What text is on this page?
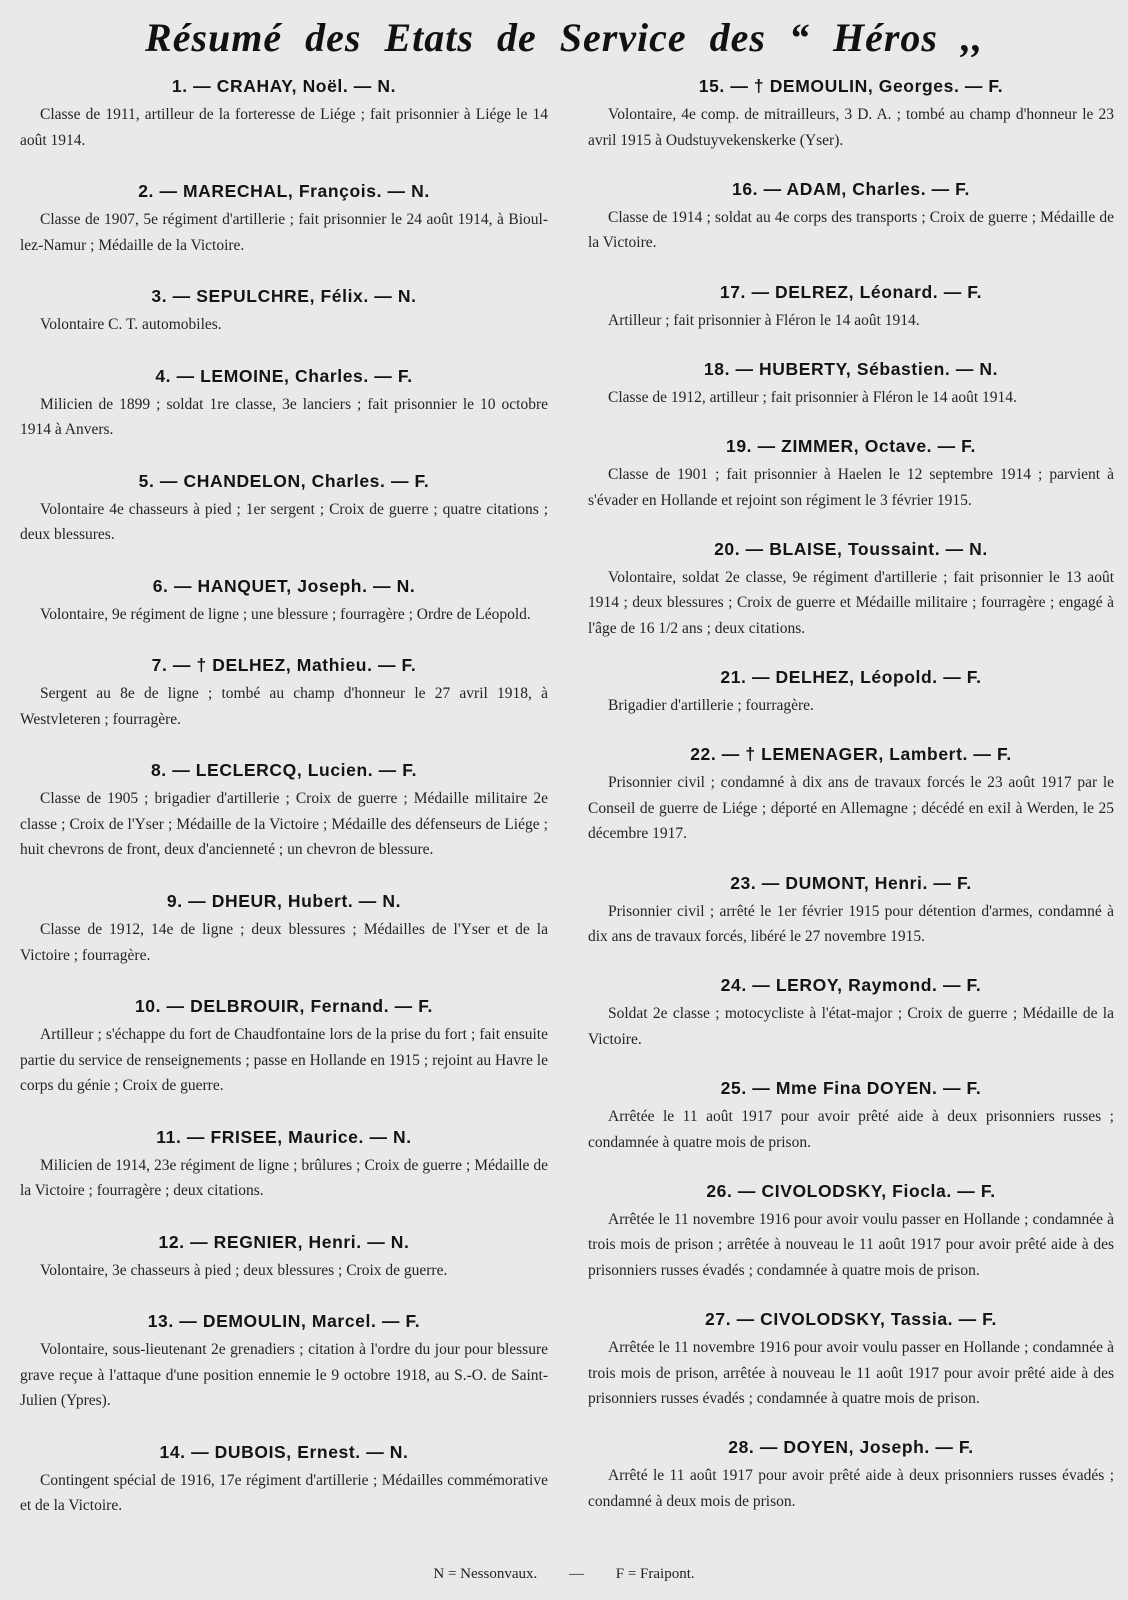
Résumé des Etats de Service des “ Héros ,,
1. — CRAHAY, Noël. — N.

Classe de 1911, artilleur de la forteresse de Liége ; fait prisonnier à Liége le 14 août 1914.

2. — MARECHAL, François. — N.

Classe de 1907, 5e régiment d'artillerie ; fait prisonnier le 24 août 1914, à Bioul-lez-Namur ; Médaille de la Victoire.

3. — SEPULCHRE, Félix. — N.

Volontaire C. T. automobiles.

4. — LEMOINE, Charles. — F.

Milicien de 1899 ; soldat 1re classe, 3e lanciers ; fait prisonnier le 10 octobre 1914 à Anvers.

5. — CHANDELON, Charles. — F.

Volontaire 4e chasseurs à pied ; 1er sergent ; Croix de guerre ; quatre citations ; deux blessures.

6. — HANQUET, Joseph. — N.

Volontaire, 9e régiment de ligne ; une blessure ; fourragère ; Ordre de Léopold.

7. — † DELHEZ, Mathieu. — F.

Sergent au 8e de ligne ; tombé au champ d'honneur le 27 avril 1918, à Westvleteren ; fourragère.

8. — LECLERCQ, Lucien. — F.

Classe de 1905 ; brigadier d'artillerie ; Croix de guerre ; Médaille militaire 2e classe ; Croix de l'Yser ; Médaille de la Victoire ; Médaille des défenseurs de Liége ; huit chevrons de front, deux d'ancienneté ; un chevron de blessure.

9. — DHEUR, Hubert. — N.

Classe de 1912, 14e de ligne ; deux blessures ; Médailles de l'Yser et de la Victoire ; fourragère.

10. — DELBROUIR, Fernand. — F.

Artilleur ; s'échappe du fort de Chaudfontaine lors de la prise du fort ; fait ensuite partie du service de renseignements ; passe en Hollande en 1915 ; rejoint au Havre le corps du génie ; Croix de guerre.

11. — FRISEE, Maurice. — N.

Milicien de 1914, 23e régiment de ligne ; brûlures ; Croix de guerre ; Médaille de la Victoire ; fourragère ; deux citations.

12. — REGNIER, Henri. — N.

Volontaire, 3e chasseurs à pied ; deux blessures ; Croix de guerre.

13. — DEMOULIN, Marcel. — F.

Volontaire, sous-lieutenant 2e grenadiers ; citation à l'ordre du jour pour blessure grave reçue à l'attaque d'une position ennemie le 9 octobre 1918, au S.-O. de Saint-Julien (Ypres).

14. — DUBOIS, Ernest. — N.

Contingent spécial de 1916, 17e régiment d'artillerie ; Médailles commémorative et de la Victoire.

15. — † DEMOULIN, Georges. — F.

Volontaire, 4e comp. de mitrailleurs, 3 D. A. ; tombé au champ d'honneur le 23 avril 1915 à Oudstuyvekenskerke (Yser).

16. — ADAM, Charles. — F.

Classe de 1914 ; soldat au 4e corps des transports ; Croix de guerre ; Médaille de la Victoire.

17. — DELREZ, Léonard. — F.

Artilleur ; fait prisonnier à Fléron le 14 août 1914.

18. — HUBERTY, Sébastien. — N.

Classe de 1912, artilleur ; fait prisonnier à Fléron le 14 août 1914.

19. — ZIMMER, Octave. — F.

Classe de 1901 ; fait prisonnier à Haelen le 12 septembre 1914 ; parvient à s'évader en Hollande et rejoint son régiment le 3 février 1915.

20. — BLAISE, Toussaint. — N.

Volontaire, soldat 2e classe, 9e régiment d'artillerie ; fait prisonnier le 13 août 1914 ; deux blessures ; Croix de guerre et Médaille militaire ; fourragère ; engagé à l'âge de 16 1/2 ans ; deux citations.

21. — DELHEZ, Léopold. — F.

Brigadier d'artillerie ; fourragère.

22. — † LEMENAGER, Lambert. — F.

Prisonnier civil ; condamné à dix ans de travaux forcés le 23 août 1917 par le Conseil de guerre de Liége ; déporté en Allemagne ; décédé en exil à Werden, le 25 décembre 1917.

23. — DUMONT, Henri. — F.

Prisonnier civil ; arrêté le 1er février 1915 pour détention d'armes, condamné à dix ans de travaux forcés, libéré le 27 novembre 1915.

24. — LEROY, Raymond. — F.

Soldat 2e classe ; motocycliste à l'état-major ; Croix de guerre ; Médaille de la Victoire.

25. — Mme Fina DOYEN. — F.

Arrêtée le 11 août 1917 pour avoir prêté aide à deux prisonniers russes ; condamnée à quatre mois de prison.

26. — CIVOLODSKY, Fiocla. — F.

Arrêtée le 11 novembre 1916 pour avoir voulu passer en Hollande ; condamnée à trois mois de prison ; arrêtée à nouveau le 11 août 1917 pour avoir prêté aide à des prisonniers russes évadés ; condamnée à quatre mois de prison.

27. — CIVOLODSKY, Tassia. — F.

Arrêtée le 11 novembre 1916 pour avoir voulu passer en Hollande ; condamnée à trois mois de prison, arrêtée à nouveau le 11 août 1917 pour avoir prêté aide à des prisonniers russes évadés ; condamnée à quatre mois de prison.

28. — DOYEN, Joseph. — F.

Arrêté le 11 août 1917 pour avoir prêté aide à deux prisonniers russes évadés ; condamné à deux mois de prison.

N = Nessonvaux. — F = Fraipont.
